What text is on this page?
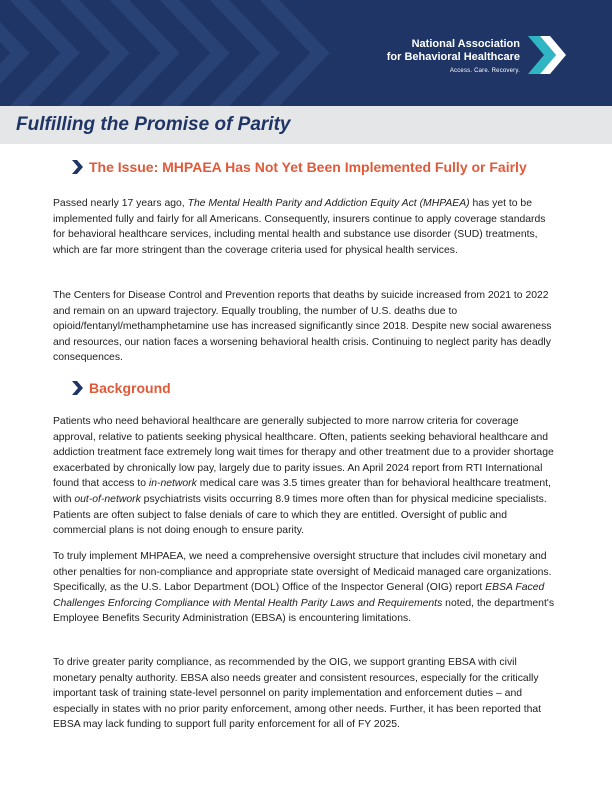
National Association
for Behavioral Healthcare
Access. Care. Recovery.
Fulfilling the Promise of Parity
The Issue: MHPAEA Has Not Yet Been Implemented Fully or Fairly

Passed nearly 17 years ago, The Mental Health Parity and Addiction Equity Act (MHPAEA) has yet to be implemented fully and fairly for all Americans. Consequently, insurers continue to apply coverage standards for behavioral healthcare services, including mental health and substance use disorder (SUD) treatments, which are far more stringent than the coverage criteria used for physical health services.

The Centers for Disease Control and Prevention reports that deaths by suicide increased from 2021 to 2022 and remain on an upward trajectory. Equally troubling, the number of U.S. deaths due to opioid/fentanyl/methamphetamine use has increased significantly since 2018. Despite new social awareness and resources, our nation faces a worsening behavioral health crisis. Continuing to neglect parity has deadly consequences.

Background

Patients who need behavioral healthcare are generally subjected to more narrow criteria for coverage approval, relative to patients seeking physical healthcare. Often, patients seeking behavioral healthcare and addiction treatment face extremely long wait times for therapy and other treatment due to a provider shortage exacerbated by chronically low pay, largely due to parity issues. An April 2024 report from RTI International found that access to in-network medical care was 3.5 times greater than for behavioral healthcare treatment, with out-of-network psychiatrists visits occurring 8.9 times more often than for physical medicine specialists. Patients are often subject to false denials of care to which they are entitled. Oversight of public and commercial plans is not doing enough to ensure parity.

To truly implement MHPAEA, we need a comprehensive oversight structure that includes civil monetary and other penalties for non-compliance and appropriate state oversight of Medicaid managed care organizations. Specifically, as the U.S. Labor Department (DOL) Office of the Inspector General (OIG) report EBSA Faced Challenges Enforcing Compliance with Mental Health Parity Laws and Requirements noted, the department's Employee Benefits Security Administration (EBSA) is encountering limitations.

To drive greater parity compliance, as recommended by the OIG, we support granting EBSA with civil monetary penalty authority. EBSA also needs greater and consistent resources, especially for the critically important task of training state-level personnel on parity implementation and enforcement duties – and especially in states with no prior parity enforcement, among other needs. Further, it has been reported that EBSA may lack funding to support full parity enforcement for all of FY 2025.
